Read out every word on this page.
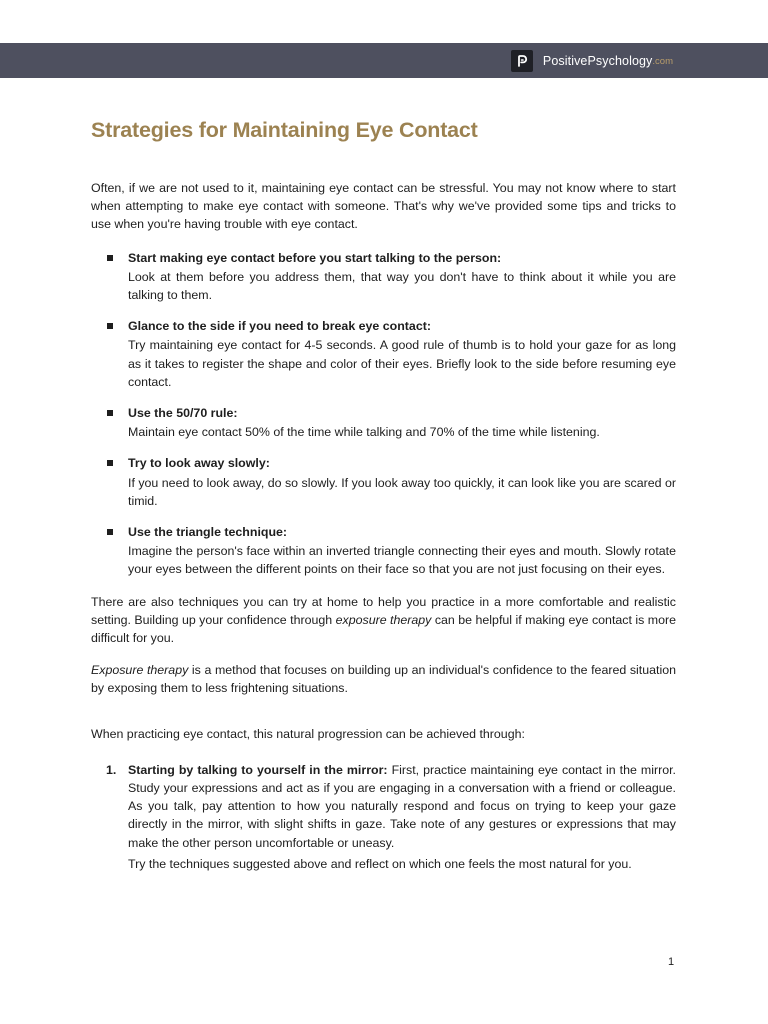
PositivePsychology .com
Strategies for Maintaining Eye Contact

Often, if we are not used to it, maintaining eye contact can be stressful. You may not know where to start when attempting to make eye contact with someone. That's why we've provided some tips and tricks to use when you're having trouble with eye contact.

Start making eye contact before you start talking to the person:
Look at them before you address them, that way you don't have to think about it while you are talking to them.
Glance to the side if you need to break eye contact:
Try maintaining eye contact for 4-5 seconds. A good rule of thumb is to hold your gaze for as long as it takes to register the shape and color of their eyes. Briefly look to the side before resuming eye contact.
Use the 50/70 rule:
Maintain eye contact 50% of the time while talking and 70% of the time while listening.
Try to look away slowly:
If you need to look away, do so slowly. If you look away too quickly, it can look like you are scared or timid.
Use the triangle technique:
Imagine the person's face within an inverted triangle connecting their eyes and mouth. Slowly rotate your eyes between the different points on their face so that you are not just focusing on their eyes.

There are also techniques you can try at home to help you practice in a more comfortable and realistic setting. Building up your confidence through exposure therapy can be helpful if making eye contact is more difficult for you.

Exposure therapy is a method that focuses on building up an individual's confidence to the feared situation by exposing them to less frightening situations.

When practicing eye contact, this natural progression can be achieved through:

1. Starting by talking to yourself in the mirror: First, practice maintaining eye contact in the mirror. Study your expressions and act as if you are engaging in a conversation with a friend or colleague. As you talk, pay attention to how you naturally respond and focus on trying to keep your gaze directly in the mirror, with slight shifts in gaze. Take note of any gestures or expressions that may make the other person uncomfortable or uneasy.
Try the techniques suggested above and reflect on which one feels the most natural for you.
1
